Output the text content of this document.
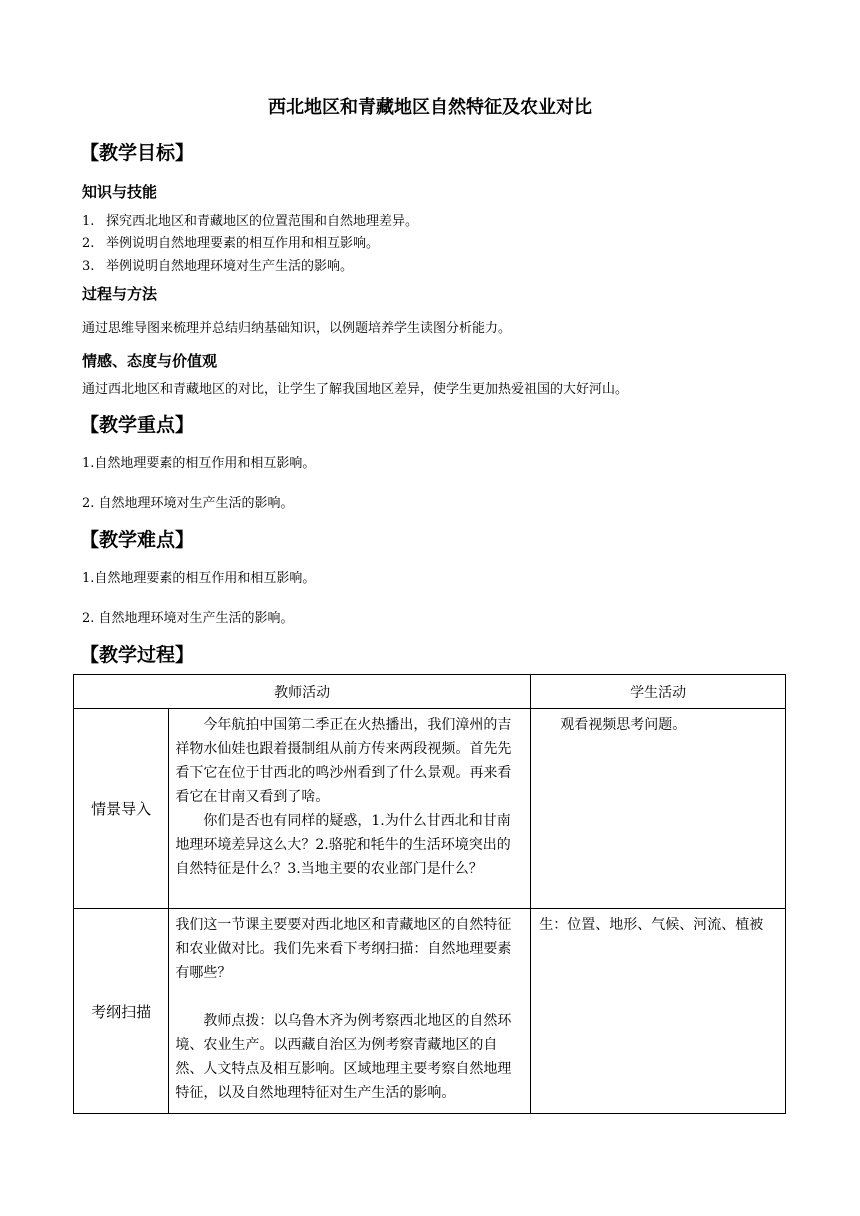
西北地区和青藏地区自然特征及农业对比
【教学目标】
知识与技能
1. 探究西北地区和青藏地区的位置范围和自然地理差异。
2. 举例说明自然地理要素的相互作用和相互影响。
3. 举例说明自然地理环境对生产生活的影响。
过程与方法
通过思维导图来梳理并总结归纳基础知识，以例题培养学生读图分析能力。
情感、态度与价值观
通过西北地区和青藏地区的对比，让学生了解我国地区差异，使学生更加热爱祖国的大好河山。
【教学重点】
1.自然地理要素的相互作用和相互影响。
2. 自然地理环境对生产生活的影响。
【教学难点】
1.自然地理要素的相互作用和相互影响。
2. 自然地理环境对生产生活的影响。
【教学过程】
教师活动		学生活动
情景导入	今年航拍中国第二季正在火热播出，我们漳州的吉祥物水仙娃也跟着摄制组从前方传来两段视频。首先先看下它在位于甘西北的鸣沙州看到了什么景观。再来看看它在甘南又看到了啥。

你们是否也有同样的疑惑，1.为什么甘西北和甘南地理环境差异这么大？2.骆驼和牦牛的生活环境突出的自然特征是什么？3.当地主要的农业部门是什么？	观看视频思考问题。

考纲扫描	我们这一节课主要要对西北地区和青藏地区的自然特征和农业做对比。我们先来看下考纲扫描：自然地理要素有哪些？

教师点拨：以乌鲁木齐为例考察西北地区的自然环境、农业生产。以西藏自治区为例考察青藏地区的自然、人文特点及相互影响。区域地理主要考察自然地理特征，以及自然地理特征对生产生活的影响。	生：位置、地形、气候、河流、植被
